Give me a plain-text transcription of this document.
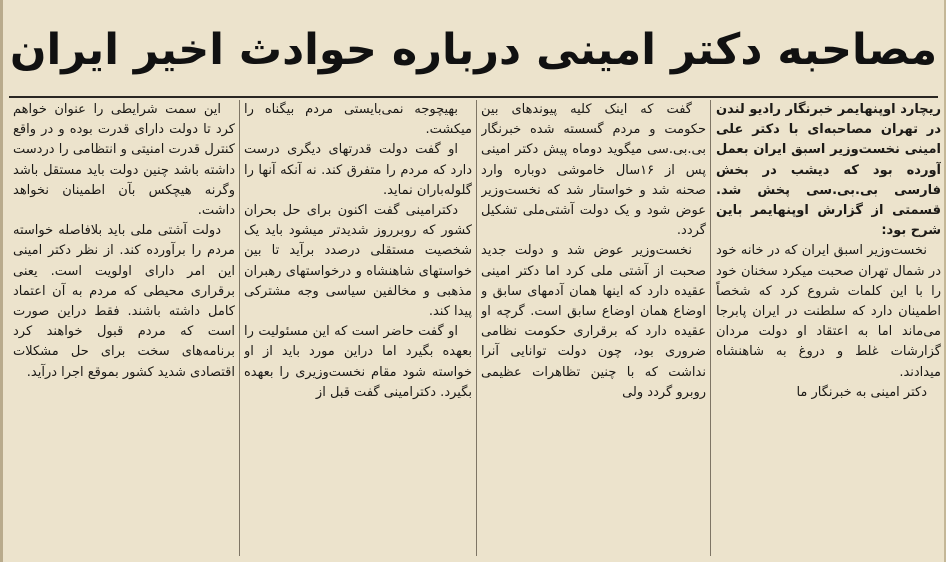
مصاحبه دکتر امینی درباره حوادث اخیر ایران

ریچارد اوپنهایمر خبرنگار رادیو لندن در تهران مصاحبه‌ای با دکتر علی امینی نخست‌وزیر اسبق ایران بعمل آورده بود که دیشب در بخش فارسی بی.بی.سی پخش شد. قسمتی از گزارش اوپنهایمر باین شرح بود:

نخست‌وزیر اسبق ایران که در خانه خود در شمال تهران صحبت میکرد سخنان خود را با این کلمات شروع کرد که شخصاً اطمینان دارد که سلطنت در ایران پابرجا می‌ماند اما به اعتقاد او دولت مردان گزارشات غلط و دروغ به شاهنشاه میدادند.

دکتر امینی به خبرنگار ما

گفت که اینک کلیه پیوندهای بین حکومت و مردم گسسته شده خبرنگار بی.بی.سی میگوید دوماه پیش دکتر امینی پس از ۱۶سال خاموشی دوباره وارد صحنه شد و خواستار شد که نخست‌وزیر عوض شود و یک دولت آشتی‌ملی تشکیل گردد.

نخست‌وزیر عوض شد و دولت جدید صحبت از آشتی ملی کرد اما دکتر امینی عقیده دارد که اینها همان آدمهای سابق و اوضاع همان اوضاع سابق است. گرچه او عقیده دارد که برقراری حکومت نظامی ضروری بود، چون دولت توانایی آنرا نداشت که با چنین تظاهرات عظیمی روبرو گردد ولی

بهیچوجه نمی‌بایستی مردم بیگناه را میکشت.

او گفت دولت قدرتهای دیگری درست دارد که مردم را متفرق کند. نه آنکه آنها را گلوله‌باران نماید.

دکترامینی گفت اکنون برای حل بحران کشور که روبرروز شدیدتر میشود باید یک شخصیت مستقلی درصدد برآید تا بین خواستهای شاهنشاه و درخواستهای رهبران مذهبی و مخالفین سیاسی وجه مشترکی پیدا کند.

او گفت حاضر است که این مسئولیت را بعهده بگیرد اما دراین مورد باید از او خواسته شود مقام نخست‌وزیری را بعهده بگیرد. دکترامینی گفت قبل از

این سمت شرایطی را عنوان خواهم کرد تا دولت دارای قدرت بوده و در واقع کنترل قدرت امنیتی و انتظامی را دردست داشته باشد چنین دولت باید مستقل باشد وگرنه هیچکس بآن اطمینان نخواهد داشت.

دولت آشتی ملی باید بلافاصله خواسته مردم را برآورده کند. از نظر دکتر امینی این امر دارای اولویت است. یعنی برقراری محیطی که مردم به آن اعتماد کامل داشته باشند. فقط دراین صورت است که مردم قبول خواهند کرد برنامه‌های سخت برای حل مشکلات اقتصادی شدید کشور بموقع اجرا درآید.
